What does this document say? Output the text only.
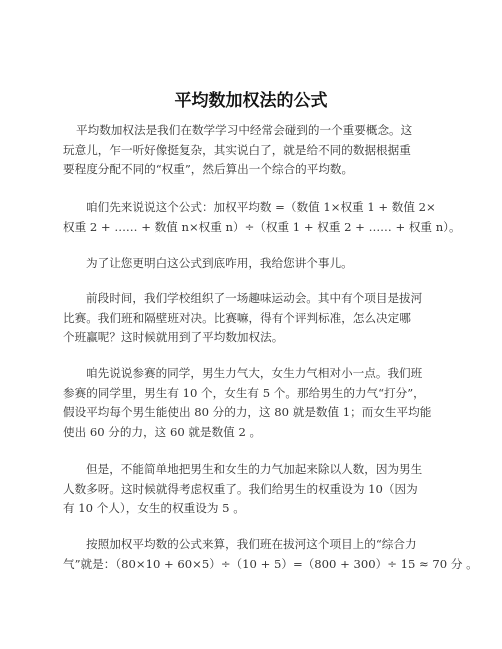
平均数加权法的公式
平均数加权法是我们在数学学习中经常会碰到的一个重要概念。这
玩意儿，乍一听好像挺复杂，其实说白了，就是给不同的数据根据重
要程度分配不同的“权重”，然后算出一个综合的平均数。
咱们先来说说这个公式：加权平均数 =（数值 1×权重 1 + 数值 2×
权重 2 + …… + 数值 n×权重 n）÷（权重 1 + 权重 2 + …… + 权重 n）。
为了让您更明白这公式到底咋用，我给您讲个事儿。
前段时间，我们学校组织了一场趣味运动会。其中有个项目是拔河
比赛。我们班和隔壁班对决。比赛嘛，得有个评判标准，怎么决定哪
个班赢呢？这时候就用到了平均数加权法。
咱先说说参赛的同学，男生力气大，女生力气相对小一点。我们班
参赛的同学里，男生有 10 个，女生有 5 个。那给男生的力气“打分”，
假设平均每个男生能使出 80 分的力，这 80 就是数值 1；而女生平均能
使出 60 分的力，这 60 就是数值 2 。
但是，不能简单地把男生和女生的力气加起来除以人数，因为男生
人数多呀。这时候就得考虑权重了。我们给男生的权重设为 10（因为
有 10 个人），女生的权重设为 5 。
按照加权平均数的公式来算，我们班在拔河这个项目上的“综合力
气”就是：（80×10 + 60×5）÷（10 + 5）=（800 + 300）÷ 15 ≈ 70 分 。
